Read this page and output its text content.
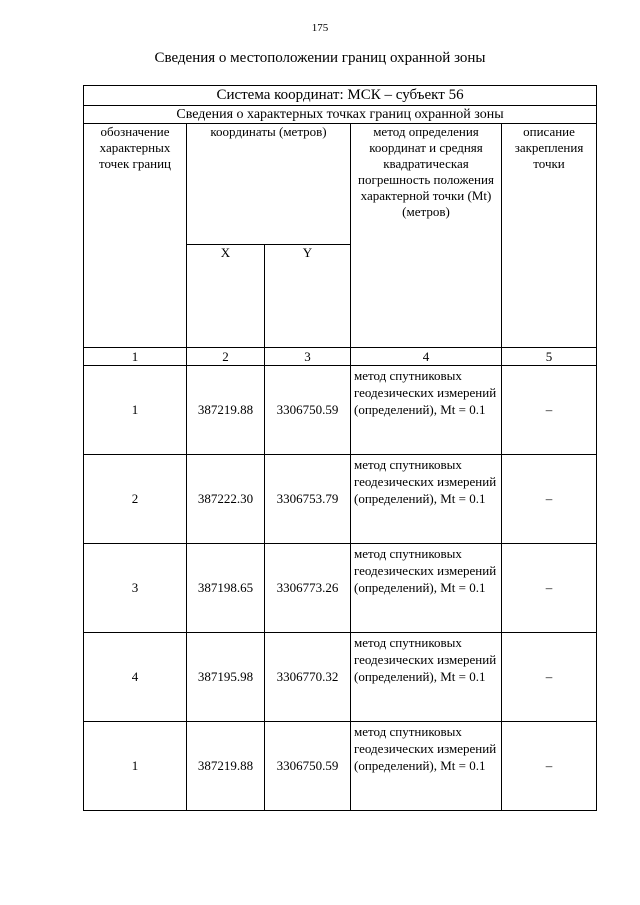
175
Сведения о местоположении границ охранной зоны
Система координат: МСК – субъект 56				
Сведения о характерных точках границ охранной зоны				
обозначение характерных точек границ	координаты (метров)		метод определения координат и средняя квадратическая погрешность положения характерной точки (Mt) (метров)	описание закрепления точки
	X	Y		
1	2	3	4	5
1	387219.88	3306750.59	метод спутниковых геодезических измерений (определений), Mt = 0.1	–
2	387222.30	3306753.79	метод спутниковых геодезических измерений (определений), Mt = 0.1	–
3	387198.65	3306773.26	метод спутниковых геодезических измерений (определений), Mt = 0.1	–
4	387195.98	3306770.32	метод спутниковых геодезических измерений (определений), Mt = 0.1	–
1	387219.88	3306750.59	метод спутниковых геодезических измерений (определений), Mt = 0.1	–
